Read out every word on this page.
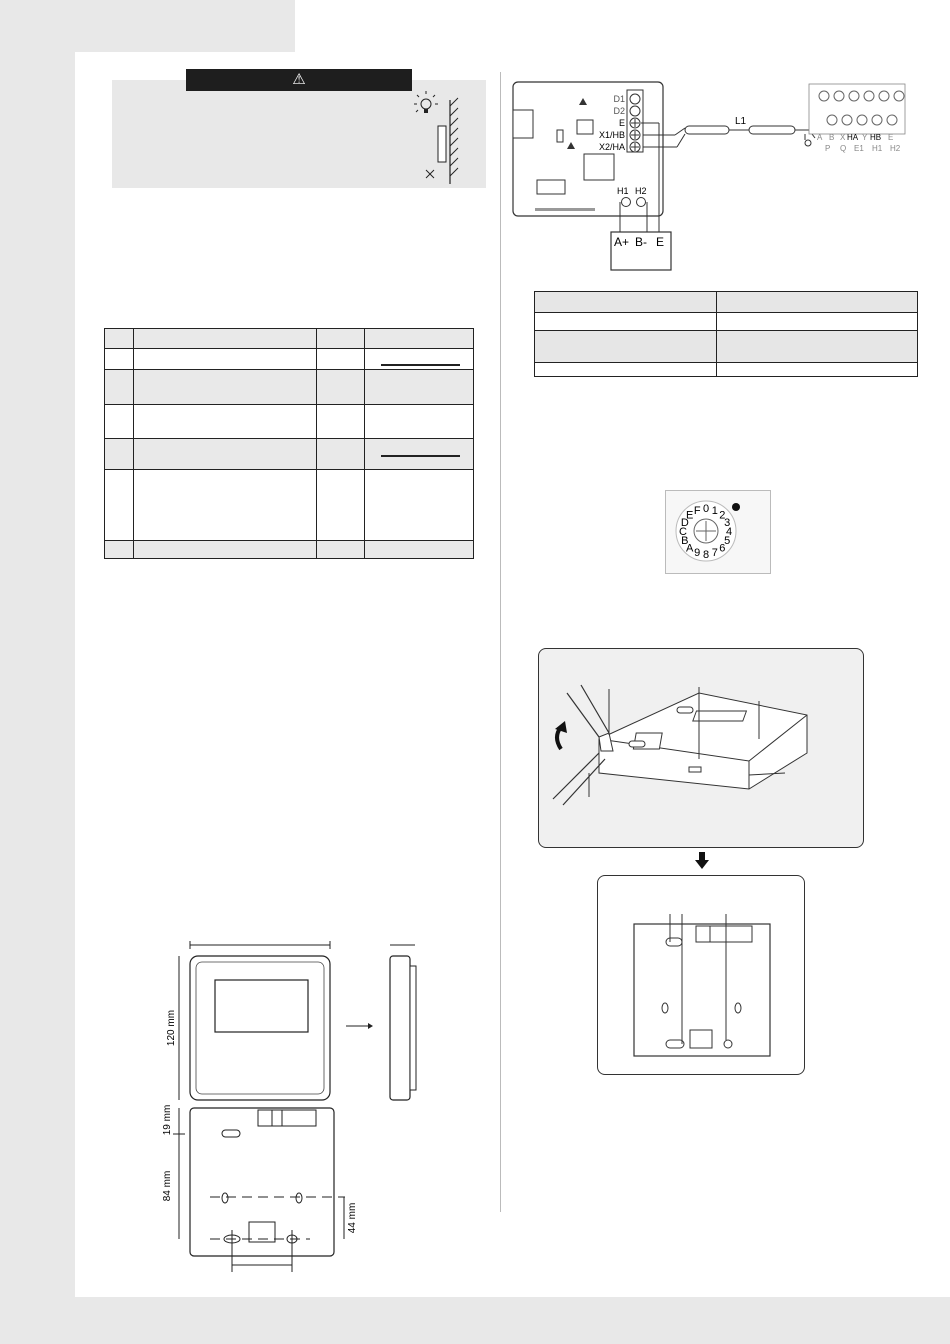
⚠

120 mm
19 mm
84 mm
44 mm
D1
D2
E
X1/HB
X2/HA
H1 H2
A+ B- E
L1
A B X HA Y HB E
P Q E1 H1 H2

0 1 2
3
4
5
6
7
8
9
A
B
C
D
E F
